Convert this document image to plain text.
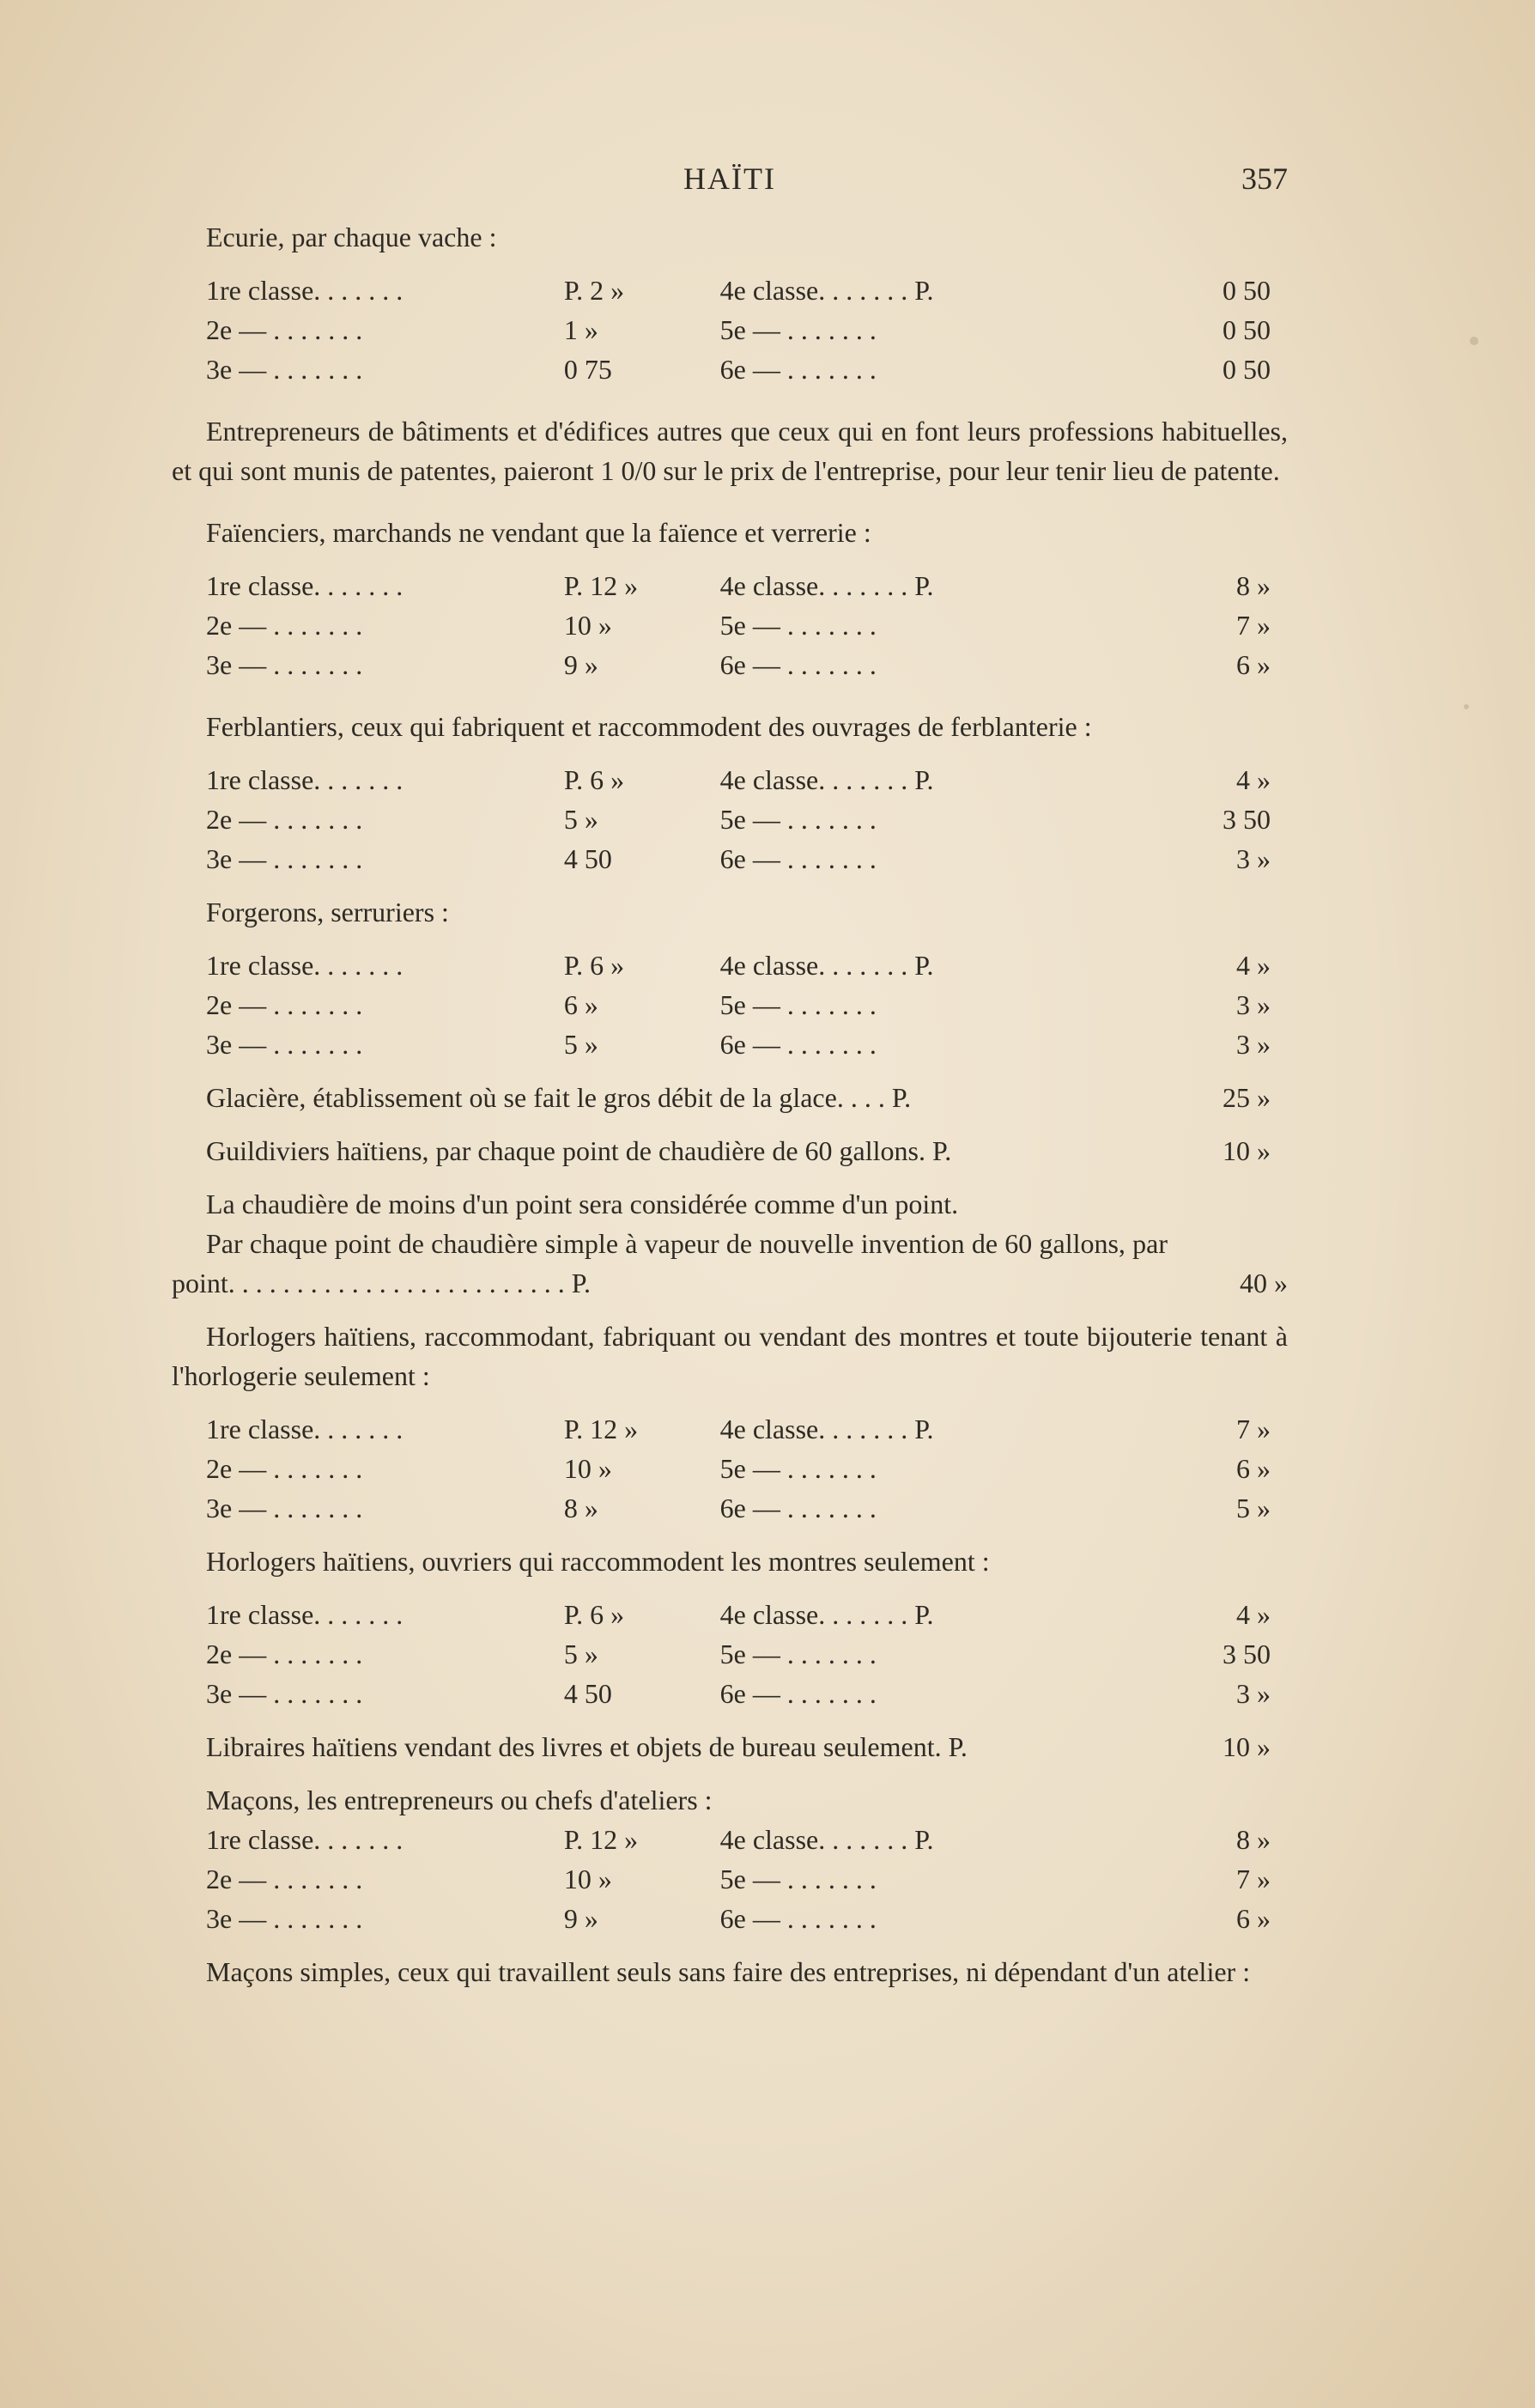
HAÏTI	357

Ecurie, par chaque vache :

1re classe. . . . . . .	P. 2 »	4e classe. . . . . . . P.	0 50
2e — . . . . . . .	1 »	5e — . . . . . . .	0 50
3e — . . . . . . .	0 75	6e — . . . . . . .	0 50

Entrepreneurs de bâtiments et d'édifices autres que ceux qui en font leurs professions habituelles, et qui sont munis de patentes, paieront 1 0/0 sur le prix de l'entreprise, pour leur tenir lieu de patente.

Faïenciers, marchands ne vendant que la faïence et verrerie :

1re classe. . . . . . .	P. 12 »	4e classe. . . . . . . P.	8 »
2e — . . . . . . .	10 »	5e — . . . . . . .	7 »
3e — . . . . . . .	9 »	6e — . . . . . . .	6 »

Ferblantiers, ceux qui fabriquent et raccommodent des ouvrages de ferblanterie :

1re classe. . . . . . .	P. 6 »	4e classe. . . . . . . P.	4 »
2e — . . . . . . .	5 »	5e — . . . . . . .	3 50
3e — . . . . . . .	4 50	6e — . . . . . . .	3 »

Forgerons, serruriers :

1re classe. . . . . . .	P. 6 »	4e classe. . . . . . . P.	4 »
2e — . . . . . . .	6 »	5e — . . . . . . .	3 »
3e — . . . . . . .	5 »	6e — . . . . . . .	3 »
Glacière, établissement où se fait le gros débit de la glace. . . . P.	25 »
Guildiviers haïtiens, par chaque point de chaudière de 60 gallons. P.	10 »

La chaudière de moins d'un point sera considérée comme d'un point.

Par chaque point de chaudière simple à vapeur de nouvelle invention de 60 gallons, par point. . . . . . . . . . . . . . . . . . . . . . . . . P.	40 »

Horlogers haïtiens, raccommodant, fabriquant ou vendant des montres et toute bijouterie tenant à l'horlogerie seulement :

1re classe. . . . . . .	P. 12 »	4e classe. . . . . . . P.	7 »
2e — . . . . . . .	10 »	5e — . . . . . . .	6 »
3e — . . . . . . .	8 »	6e — . . . . . . .	5 »

Horlogers haïtiens, ouvriers qui raccommodent les montres seulement :

1re classe. . . . . . .	P. 6 »	4e classe. . . . . . . P.	4 »
2e — . . . . . . .	5 »	5e — . . . . . . .	3 50
3e — . . . . . . .	4 50	6e — . . . . . . .	3 »
Libraires haïtiens vendant des livres et objets de bureau seulement. P.	10 »

Maçons, les entrepreneurs ou chefs d'ateliers :

1re classe. . . . . . .	P. 12 »	4e classe. . . . . . . P.	8 »
2e — . . . . . . .	10 »	5e — . . . . . . .	7 »
3e — . . . . . . .	9 »	6e — . . . . . . .	6 »

Maçons simples, ceux qui travaillent seuls sans faire des entreprises, ni dépendant d'un atelier :
